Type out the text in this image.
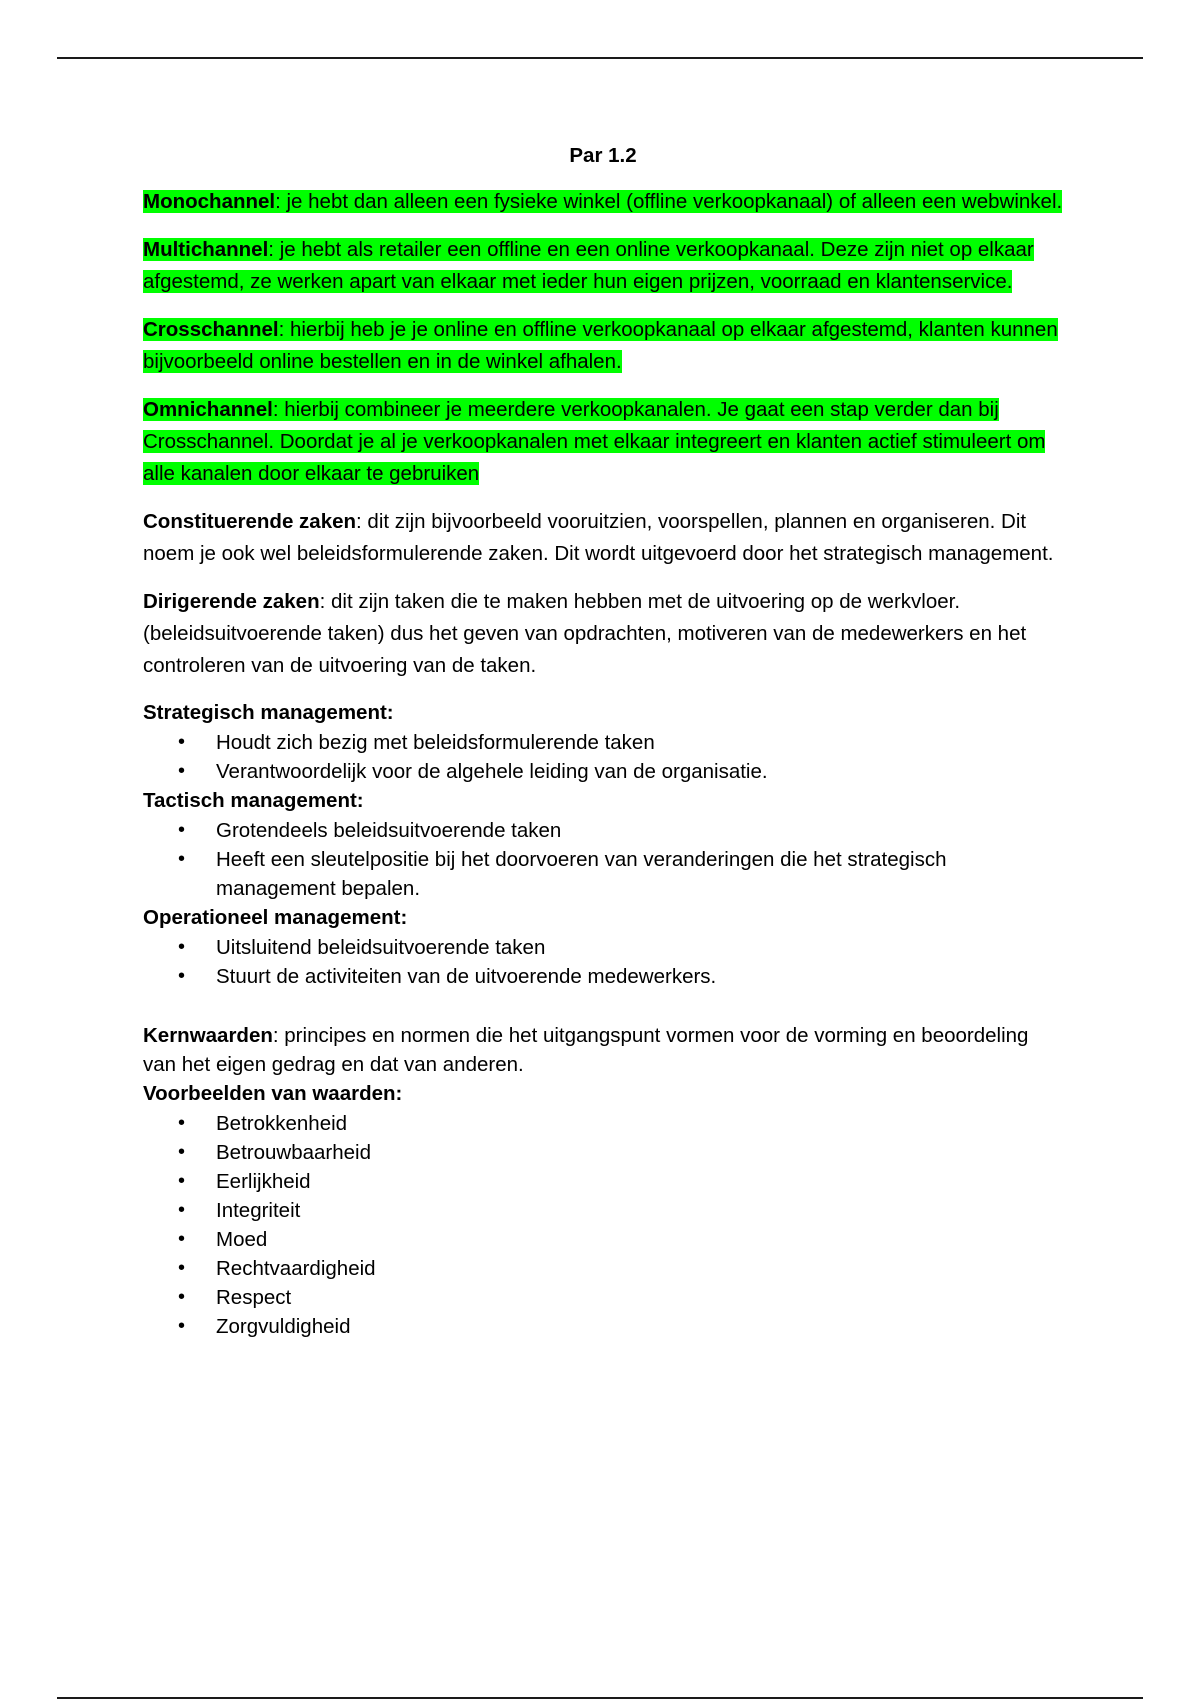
Par 1.2

Monochannel: je hebt dan alleen een fysieke winkel (offline verkoopkanaal) of alleen een webwinkel.

Multichannel: je hebt als retailer een offline en een online verkoopkanaal. Deze zijn niet op elkaar afgestemd, ze werken apart van elkaar met ieder hun eigen prijzen, voorraad en klantenservice.

Crosschannel: hierbij heb je je online en offline verkoopkanaal op elkaar afgestemd, klanten kunnen bijvoorbeeld online bestellen en in de winkel afhalen.

Omnichannel: hierbij combineer je meerdere verkoopkanalen. Je gaat een stap verder dan bij Crosschannel. Doordat je al je verkoopkanalen met elkaar integreert en klanten actief stimuleert om alle kanalen door elkaar te gebruiken

Constituerende zaken: dit zijn bijvoorbeeld vooruitzien, voorspellen, plannen en organiseren. Dit noem je ook wel beleidsformulerende zaken. Dit wordt uitgevoerd door het strategisch management.

Dirigerende zaken: dit zijn taken die te maken hebben met de uitvoering op de werkvloer. (beleidsuitvoerende taken) dus het geven van opdrachten, motiveren van de medewerkers en het controleren van de uitvoering van de taken.

Strategisch management:
• Houdt zich bezig met beleidsformulerende taken
• Verantwoordelijk voor de algehele leiding van de organisatie.
Tactisch management:
• Grotendeels beleidsuitvoerende taken
• Heeft een sleutelpositie bij het doorvoeren van veranderingen die het strategisch management bepalen.
Operationeel management:
• Uitsluitend beleidsuitvoerende taken
• Stuurt de activiteiten van de uitvoerende medewerkers.

Kernwaarden: principes en normen die het uitgangspunt vormen voor de vorming en beoordeling van het eigen gedrag en dat van anderen.

Voorbeelden van waarden:
• Betrokkenheid
• Betrouwbaarheid
• Eerlijkheid
• Integriteit
• Moed
• Rechtvaardigheid
• Respect
• Zorgvuldigheid
